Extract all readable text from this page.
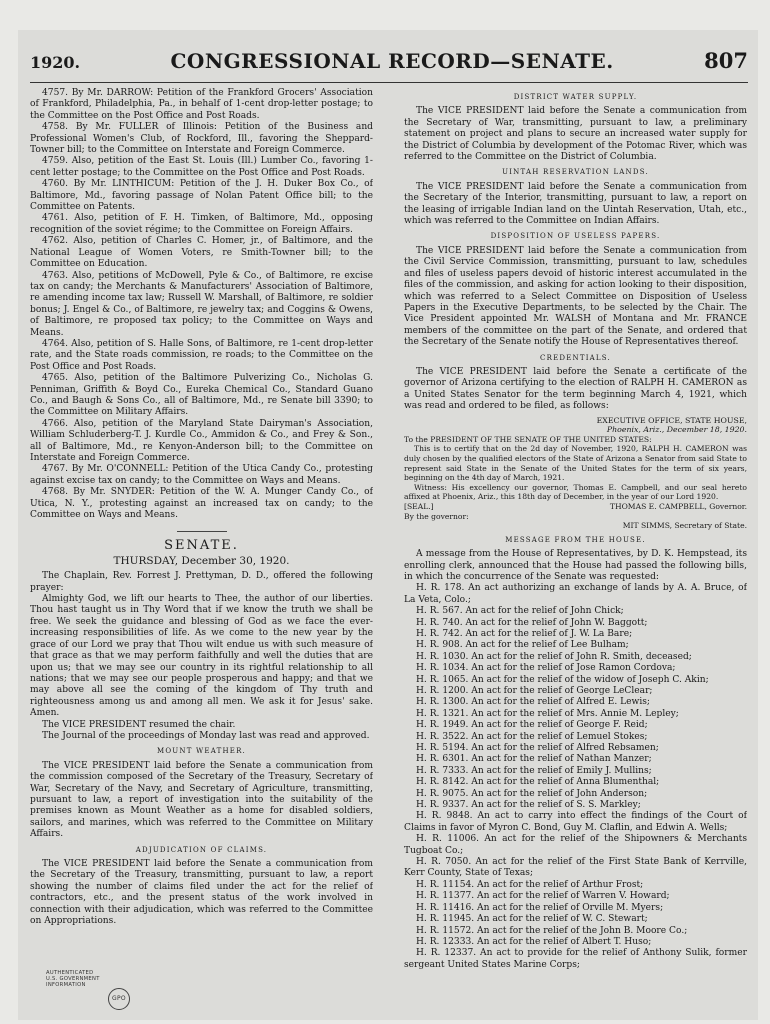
1920.	CONGRESSIONAL RECORD—SENATE.	807

4757. By Mr. DARROW: Petition of the Frankford Grocers' Association of Frankford, Philadelphia, Pa., in behalf of 1-cent drop-letter postage; to the Committee on the Post Office and Post Roads.

4758. By Mr. FULLER of Illinois: Petition of the Business and Professional Women's Club, of Rockford, Ill., favoring the Sheppard-Towner bill; to the Committee on Interstate and Foreign Commerce.

4759. Also, petition of the East St. Louis (Ill.) Lumber Co., favoring 1-cent letter postage; to the Committee on the Post Office and Post Roads.

4760. By Mr. LINTHICUM: Petition of the J. H. Duker Box Co., of Baltimore, Md., favoring passage of Nolan Patent Office bill; to the Committee on Patents.

4761. Also, petition of F. H. Timken, of Baltimore, Md., opposing recognition of the soviet régime; to the Committee on Foreign Affairs.

4762. Also, petition of Charles C. Homer, jr., of Baltimore, and the National League of Women Voters, re Smith-Towner bill; to the Committee on Education.

4763. Also, petitions of McDowell, Pyle & Co., of Baltimore, re excise tax on candy; the Merchants & Manufacturers' Association of Baltimore, re amending income tax law; Russell W. Marshall, of Baltimore, re soldier bonus; J. Engel & Co., of Baltimore, re jewelry tax; and Coggins & Owens, of Baltimore, re proposed tax policy; to the Committee on Ways and Means.

4764. Also, petition of S. Halle Sons, of Baltimore, re 1-cent drop-letter rate, and the State roads commission, re roads; to the Committee on the Post Office and Post Roads.

4765. Also, petition of the Baltimore Pulverizing Co., Nicholas G. Penniman, Griffith & Boyd Co., Eureka Chemical Co., Standard Guano Co., and Baugh & Sons Co., all of Baltimore, Md., re Senate bill 3390; to the Committee on Military Affairs.

4766. Also, petition of the Maryland State Dairyman's Association, William Schluderberg-T. J. Kurdle Co., Ammidon & Co., and Frey & Son., all of Baltimore, Md., re Kenyon-Anderson bill; to the Committee on Interstate and Foreign Commerce.

4767. By Mr. O'CONNELL: Petition of the Utica Candy Co., protesting against excise tax on candy; to the Committee on Ways and Means.

4768. By Mr. SNYDER: Petition of the W. A. Munger Candy Co., of Utica, N. Y., protesting against an increased tax on candy; to the Committee on Ways and Means.

SENATE.
THURSDAY, December 30, 1920.

The Chaplain, Rev. Forrest J. Prettyman, D. D., offered the following prayer:

Almighty God, we lift our hearts to Thee, the author of our liberties. Thou hast taught us in Thy Word that if we know the truth we shall be free. We seek the guidance and blessing of God as we face the ever-increasing responsibilities of life. As we come to the new year by the grace of our Lord we pray that Thou wilt endue us with such measure of that grace as that we may perform faithfully and well the duties that are upon us; that we may see our country in its rightful relationship to all nations; that we may see our people prosperous and happy; and that we may above all see the coming of the kingdom of Thy truth and righteousness among us and among all men. We ask it for Jesus' sake. Amen.

The VICE PRESIDENT resumed the chair.

The Journal of the proceedings of Monday last was read and approved.

MOUNT WEATHER.

The VICE PRESIDENT laid before the Senate a communication from the commission composed of the Secretary of the Treasury, Secretary of War, Secretary of the Navy, and Secretary of Agriculture, transmitting, pursuant to law, a report of investigation into the suitability of the premises known as Mount Weather as a home for disabled soldiers, sailors, and marines, which was referred to the Committee on Military Affairs.

ADJUDICATION OF CLAIMS.

The VICE PRESIDENT laid before the Senate a communication from the Secretary of the Treasury, transmitting, pursuant to law, a report showing the number of claims filed under the act for the relief of contractors, etc., and the present status of the work involved in connection with their adjudication, which was referred to the Committee on Appropriations.

DISTRICT WATER SUPPLY.

The VICE PRESIDENT laid before the Senate a communication from the Secretary of War, transmitting, pursuant to law, a preliminary statement on project and plans to secure an increased water supply for the District of Columbia by development of the Potomac River, which was referred to the Committee on the District of Columbia.

UINTAH RESERVATION LANDS.

The VICE PRESIDENT laid before the Senate a communication from the Secretary of the Interior, transmitting, pursuant to law, a report on the leasing of irrigable Indian land on the Uintah Reservation, Utah, etc., which was referred to the Committee on Indian Affairs.

DISPOSITION OF USELESS PAPERS.

The VICE PRESIDENT laid before the Senate a communication from the Civil Service Commission, transmitting, pursuant to law, schedules and files of useless papers devoid of historic interest accumulated in the files of the commission, and asking for action looking to their disposition, which was referred to a Select Committee on Disposition of Useless Papers in the Executive Departments, to be selected by the Chair. The Vice President appointed Mr. WALSH of Montana and Mr. FRANCE members of the committee on the part of the Senate, and ordered that the Secretary of the Senate notify the House of Representatives thereof.

CREDENTIALS.

The VICE PRESIDENT laid before the Senate a certificate of the governor of Arizona certifying to the election of RALPH H. CAMERON as a United States Senator for the term beginning March 4, 1921, which was read and ordered to be filed, as follows:

EXECUTIVE OFFICE, STATE HOUSE,

Phoenix, Ariz., December 18, 1920.

To the PRESIDENT OF THE SENATE OF THE UNITED STATES:

This is to certify that on the 2d day of November, 1920, RALPH H. CAMERON was duly chosen by the qualified electors of the State of Arizona a Senator from said State to represent said State in the Senate of the United States for the term of six years, beginning on the 4th day of March, 1921.

Witness: His excellency our governor, Thomas E. Campbell, and our seal hereto affixed at Phoenix, Ariz., this 18th day of December, in the year of our Lord 1920.

[SEAL.]	THOMAS E. CAMPBELL, Governor.

By the governor:

MIT SIMMS, Secretary of State.

MESSAGE FROM THE HOUSE.

A message from the House of Representatives, by D. K. Hempstead, its enrolling clerk, announced that the House had passed the following bills, in which the concurrence of the Senate was requested:

H. R. 178. An act authorizing an exchange of lands by A. A. Bruce, of La Veta, Colo.;

H. R. 567. An act for the relief of John Chick;

H. R. 740. An act for the relief of John W. Baggott;

H. R. 742. An act for the relief of J. W. La Bare;

H. R. 908. An act for the relief of Lee Bulham;

H. R. 1030. An act for the relief of John R. Smith, deceased;

H. R. 1034. An act for the relief of Jose Ramon Cordova;

H. R. 1065. An act for the relief of the widow of Joseph C. Akin;

H. R. 1200. An act for the relief of George LeClear;

H. R. 1300. An act for the relief of Alfred E. Lewis;

H. R. 1321. An act for the relief of Mrs. Annie M. Lepley;

H. R. 1949. An act for the relief of George F. Reid;

H. R. 3522. An act for the relief of Lemuel Stokes;

H. R. 5194. An act for the relief of Alfred Rebsamen;

H. R. 6301. An act for the relief of Nathan Manzer;

H. R. 7333. An act for the relief of Emily J. Mullins;

H. R. 8142. An act for the relief of Anna Blumenthal;

H. R. 9075. An act for the relief of John Anderson;

H. R. 9337. An act for the relief of S. S. Markley;

H. R. 9848. An act to carry into effect the findings of the Court of Claims in favor of Myron C. Bond, Guy M. Claflin, and Edwin A. Wells;

H. R. 11006. An act for the relief of the Shipowners & Merchants Tugboat Co.;

H. R. 7050. An act for the relief of the First State Bank of Kerrville, Kerr County, State of Texas;

H. R. 11154. An act for the relief of Arthur Frost;

H. R. 11377. An act for the relief of Warren V. Howard;

H. R. 11416. An act for the relief of Orville M. Myers;

H. R. 11945. An act for the relief of W. C. Stewart;

H. R. 11572. An act for the relief of the John B. Moore Co.;

H. R. 12333. An act for the relief of Albert T. Huso;

H. R. 12337. An act to provide for the relief of Anthony Sulik, former sergeant United States Marine Corps;

AUTHENTICATED
U.S. GOVERNMENT
INFORMATION
GPO
